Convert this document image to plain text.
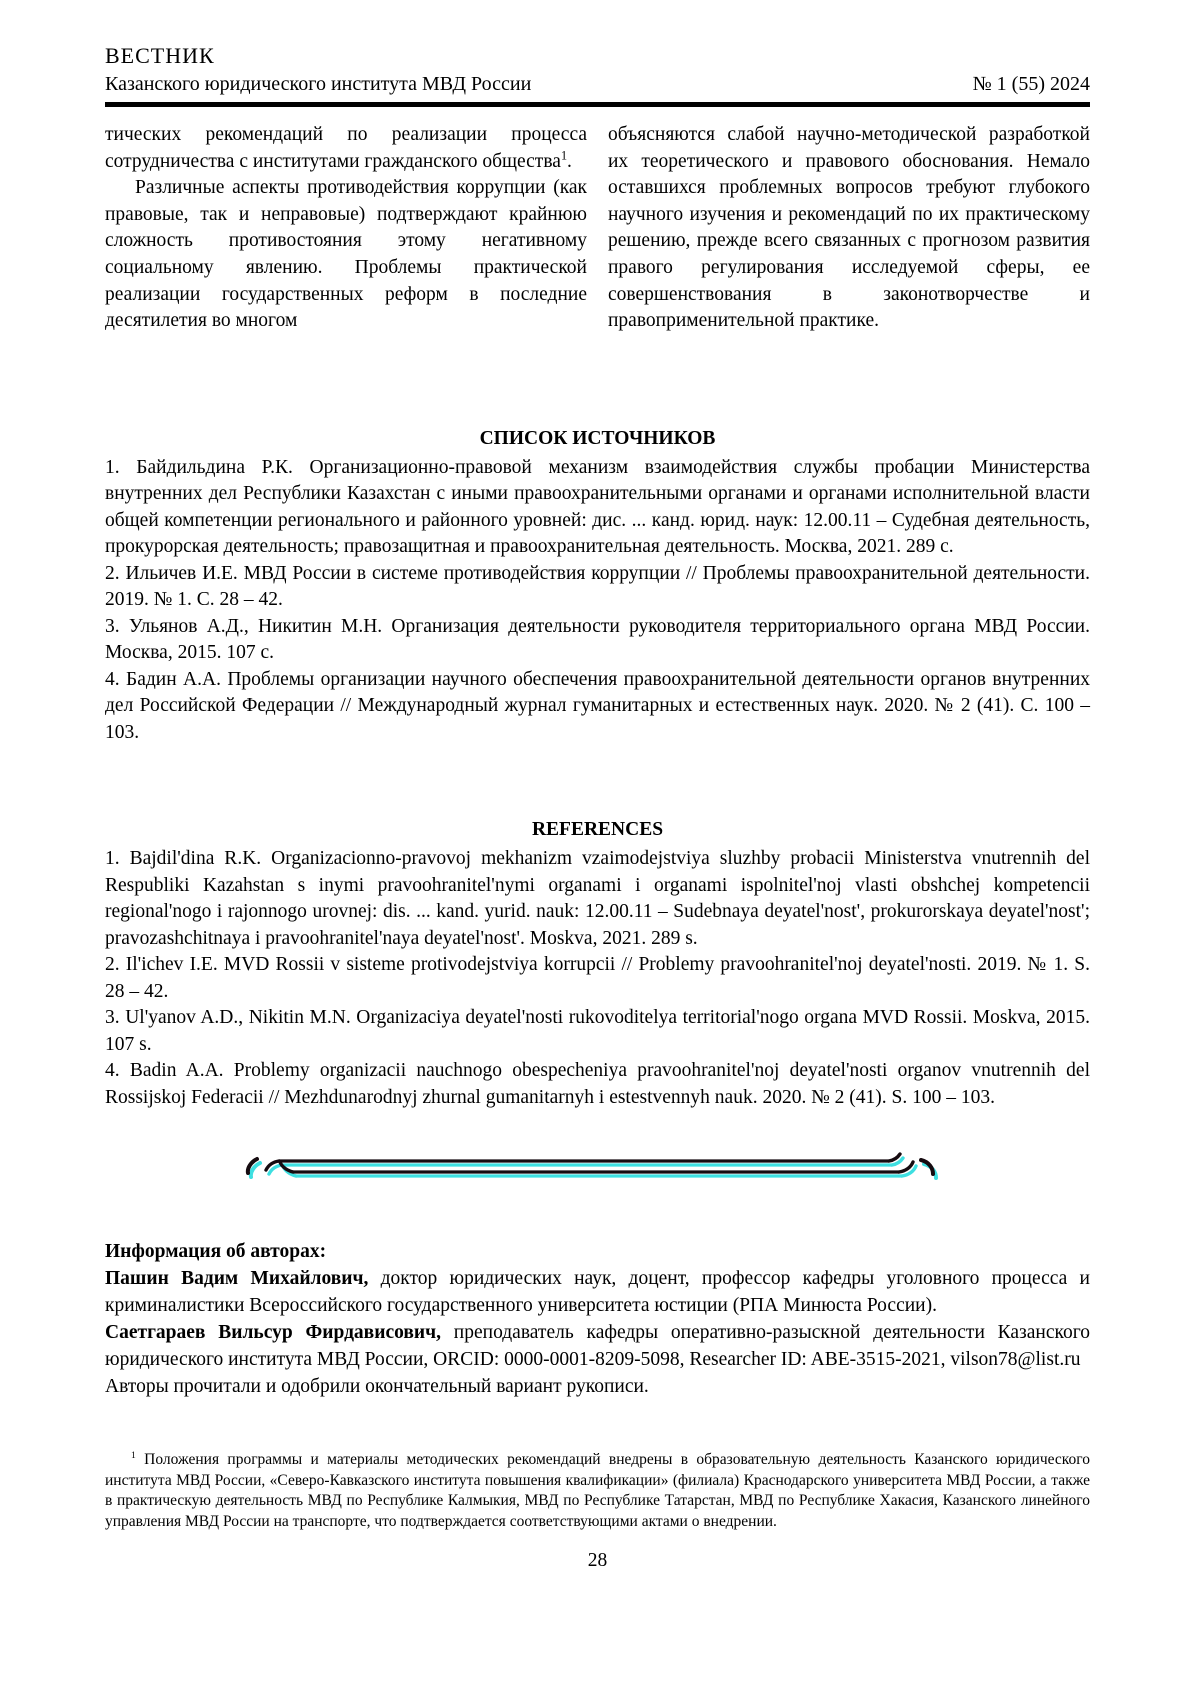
ВЕСТНИК
Казанского юридического института МВД России	№ 1 (55) 2024

тических рекомендаций по реализации процесса сотрудничества с институтами гражданского общества$^1$.

Различные аспекты противодействия коррупции (как правовые, так и неправовые) подтверждают крайнюю сложность противостояния этому негативному социальному явлению. Проблемы практической реализации государственных реформ в последние десятилетия во многом

объясняются слабой научно-методической разработкой их теоретического и правового обоснования. Немало оставшихся проблемных вопросов требуют глубокого научного изучения и рекомендаций по их практическому решению, прежде всего связанных с прогнозом развития правого регулирования исследуемой сферы, ее совершенствования в законотворчестве и правоприменительной практике.

СПИСОК ИСТОЧНИКОВ

1. Байдильдина Р.К. Организационно-правовой механизм взаимодействия службы пробации Министерства внутренних дел Республики Казахстан с иными правоохранительными органами и органами исполнительной власти общей компетенции регионального и районного уровней: дис. ... канд. юрид. наук: 12.00.11 – Судебная деятельность, прокурорская деятельность; правозащитная и правоохранительная деятельность. Москва, 2021. 289 с.

2. Ильичев И.Е. МВД России в системе противодействия коррупции // Проблемы правоохранительной деятельности. 2019. № 1. С. 28 – 42.

3. Ульянов А.Д., Никитин М.Н. Организация деятельности руководителя территориального органа МВД России. Москва, 2015. 107 с.

4. Бадин А.А. Проблемы организации научного обеспечения правоохранительной деятельности органов внутренних дел Российской Федерации // Международный журнал гуманитарных и естественных наук. 2020. № 2 (41). С. 100 – 103.

REFERENCES

1. Bajdil'dina R.K. Organizacionno-pravovoj mekhanizm vzaimodejstviya sluzhby probacii Ministerstva vnutrennih del Respubliki Kazahstan s inymi pravoohranitel'nymi organami i organami ispolnitel'noj vlasti obshchej kompetencii regional'nogo i rajonnogo urovnej: dis. ... kand. yurid. nauk: 12.00.11 – Sudebnaya deyatel'nost', prokurorskaya deyatel'nost'; pravozashchitnaya i pravoohranitel'naya deyatel'nost'. Moskva, 2021. 289 s.

2. Il'ichev I.E. MVD Rossii v sisteme protivodejstviya korrupcii // Problemy pravoohranitel'noj deyatel'nosti. 2019. № 1. S. 28 – 42.

3. Ul'yanov A.D., Nikitin M.N. Organizaciya deyatel'nosti rukovoditelya territorial'nogo organa MVD Rossii. Moskva, 2015. 107 s.

4. Badin A.A. Problemy organizacii nauchnogo obespecheniya pravoohranitel'noj deyatel'nosti organov vnutrennih del Rossijskoj Federacii // Mezhdunarodnyj zhurnal gumanitarnyh i estestvennyh nauk. 2020. № 2 (41). S. 100 – 103.

Информация об авторах:

Пашин Вадим Михайлович, доктор юридических наук, доцент, профессор кафедры уголовного процесса и криминалистики Всероссийского государственного университета юстиции (РПА Минюста России).

Саетгараев Вильсур Фирдависович, преподаватель кафедры оперативно-разыскной деятельности Казанского юридического института МВД России, ORCID: 0000-0001-8209-5098, Researcher ID: ABE-3515-2021, vilson78@list.ru

Авторы прочитали и одобрили окончательный вариант рукописи.

$^1$ Положения программы и материалы методических рекомендаций внедрены в образовательную деятельность Казанского юридического института МВД России, «Северо-Кавказского института повышения квалификации» (филиала) Краснодарского университета МВД России, а также в практическую деятельность МВД по Республике Калмыкия, МВД по Республике Татарстан, МВД по Республике Хакасия, Казанского линейного управления МВД России на транспорте, что подтверждается соответствующими актами о внедрении.

28
